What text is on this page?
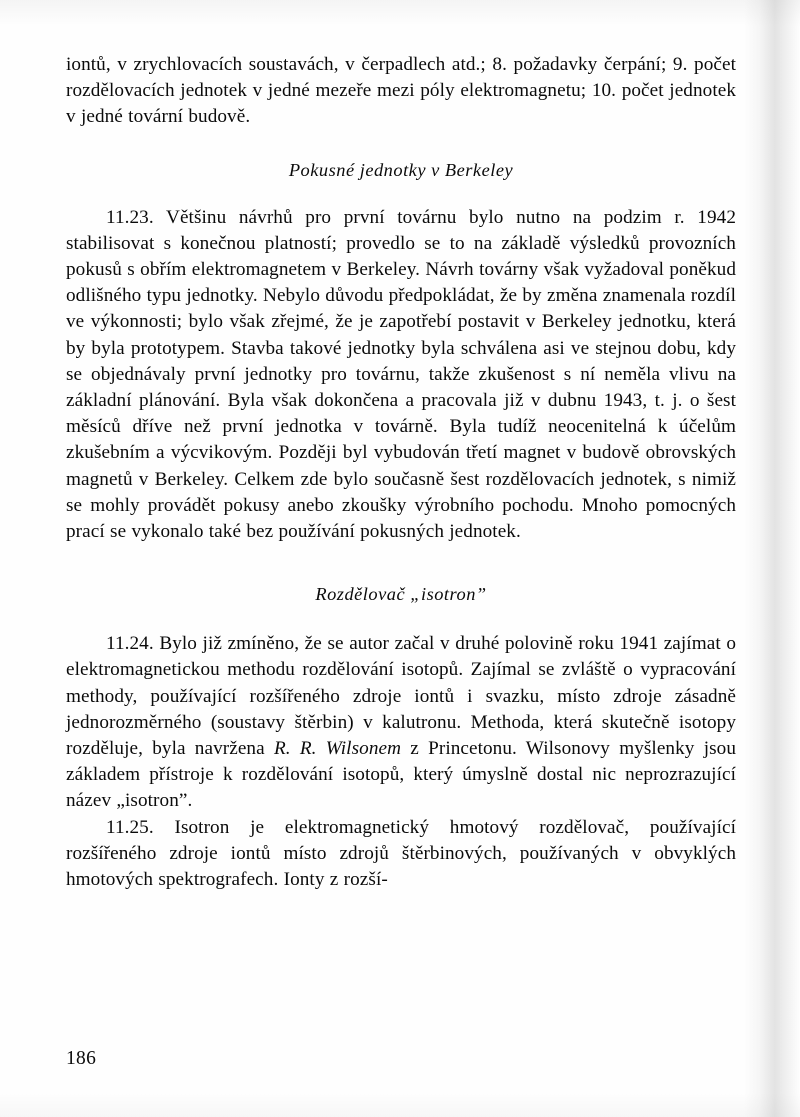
iontů, v zrychlovacích soustavách, v čerpadlech atd.; 8. požadavky čerpání; 9. počet rozdělovacích jednotek v jedné mezeře mezi póly elektromagnetu; 10. počet jednotek v jedné tovární budově.

Pokusné jednotky v Berkeley

11.23. Většinu návrhů pro první továrnu bylo nutno na podzim r. 1942 stabilisovat s konečnou platností; provedlo se to na základě výsledků provozních pokusů s obřím elektromagnetem v Berkeley. Návrh továrny však vyžadoval poněkud odlišného typu jednotky. Nebylo důvodu předpokládat, že by změna znamenala rozdíl ve výkonnosti; bylo však zřejmé, že je zapotřebí postavit v Berkeley jednotku, která by byla prototypem. Stavba takové jednotky byla schválena asi ve stejnou dobu, kdy se objednávaly první jednotky pro továrnu, takže zkušenost s ní neměla vlivu na základní plánování. Byla však dokončena a pracovala již v dubnu 1943, t. j. o šest měsíců dříve než první jednotka v továrně. Byla tudíž neocenitelná k účelům zkušebním a výcvikovým. Později byl vybudován třetí magnet v budově obrovských magnetů v Berkeley. Celkem zde bylo současně šest rozdělovacích jednotek, s nimiž se mohly provádět pokusy anebo zkoušky výrobního pochodu. Mnoho pomocných prací se vykonalo také bez používání pokusných jednotek.

Rozdělovač „isotron”

11.24. Bylo již zmíněno, že se autor začal v druhé polovině roku 1941 zajímat o elektromagnetickou methodu rozdělování isotopů. Zajímal se zvláště o vypracování methody, používající rozšířeného zdroje iontů i svazku, místo zdroje zásadně jednorozměrného (soustavy štěrbin) v kalutronu. Methoda, která skutečně isotopy rozděluje, byla navržena R. R. Wilsonem z Princetonu. Wilsonovy myšlenky jsou základem přístroje k rozdělování isotopů, který úmyslně dostal nic neprozrazující název „isotron”.

11.25. Isotron je elektromagnetický hmotový rozdělovač, používající rozšířeného zdroje iontů místo zdrojů štěrbinových, používaných v obvyklých hmotových spektrografech. Ionty z rozší-

186
